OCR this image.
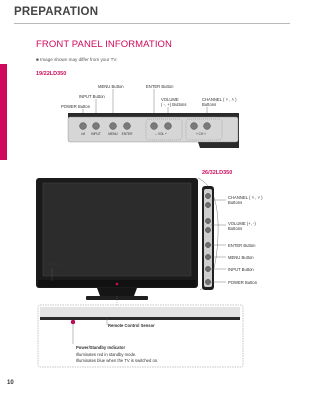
PREPARATION
PREPARATION
FRONT PANEL INFORMATION
■ Image shown may differ from your TV.
19/22LD350
MENU Button
INPUT Button
POWER Button
ENTER Button
VOLUME
( -, +) Buttons
CHANNEL ( ˅ , ˄ )
Buttons
⏻/I INPUT MENU ENTER	– VOL +	˅ CH ˄
26/32LD350
CHANNEL ( ˄ , ˅ )
Buttons
VOLUME (+, -)
Buttons
ENTER Button
MENU Button
INPUT Button
POWER Button
SPEAKER
Remote Control Sensor
Power/Standby Indicator
Illuminates red in standby mode.
Illuminates blue when the TV is switched on.
10
